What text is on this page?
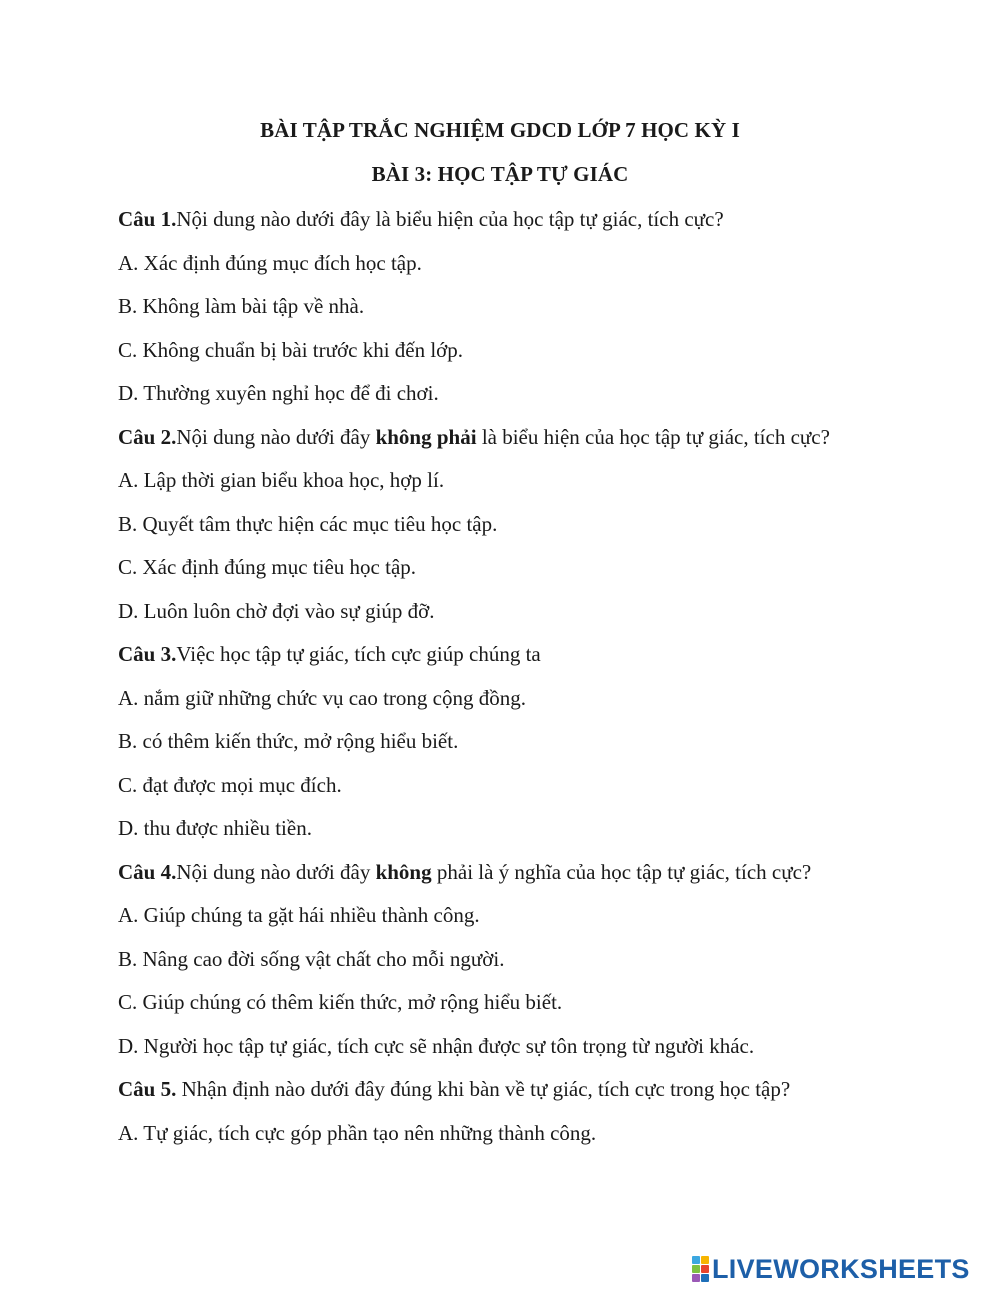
BÀI TẬP TRẮC NGHIỆM GDCD LỚP 7 HỌC KỲ I
BÀI 3: HỌC TẬP TỰ GIÁC
Câu 1.Nội dung nào dưới đây là biểu hiện của học tập tự giác, tích cực?
A. Xác định đúng mục đích học tập.
B. Không làm bài tập về nhà.
C. Không chuẩn bị bài trước khi đến lớp.
D. Thường xuyên nghỉ học để đi chơi.
Câu 2.Nội dung nào dưới đây không phải là biểu hiện của học tập tự giác, tích cực?
A. Lập thời gian biểu khoa học, hợp lí.
B. Quyết tâm thực hiện các mục tiêu học tập.
C. Xác định đúng mục tiêu học tập.
D. Luôn luôn chờ đợi vào sự giúp đỡ.
Câu 3.Việc học tập tự giác, tích cực giúp chúng ta
A. nắm giữ những chức vụ cao trong cộng đồng.
B. có thêm kiến thức, mở rộng hiểu biết.
C. đạt được mọi mục đích.
D. thu được nhiều tiền.
Câu 4.Nội dung nào dưới đây không phải là ý nghĩa của học tập tự giác, tích cực?
A. Giúp chúng ta gặt hái nhiều thành công.
B. Nâng cao đời sống vật chất cho mỗi người.
C. Giúp chúng có thêm kiến thức, mở rộng hiểu biết.
D. Người học tập tự giác, tích cực sẽ nhận được sự tôn trọng từ người khác.
Câu 5. Nhận định nào dưới đây đúng khi bàn về tự giác, tích cực trong học tập?
A. Tự giác, tích cực góp phần tạo nên những thành công.
LIVEWORKSHEETS
